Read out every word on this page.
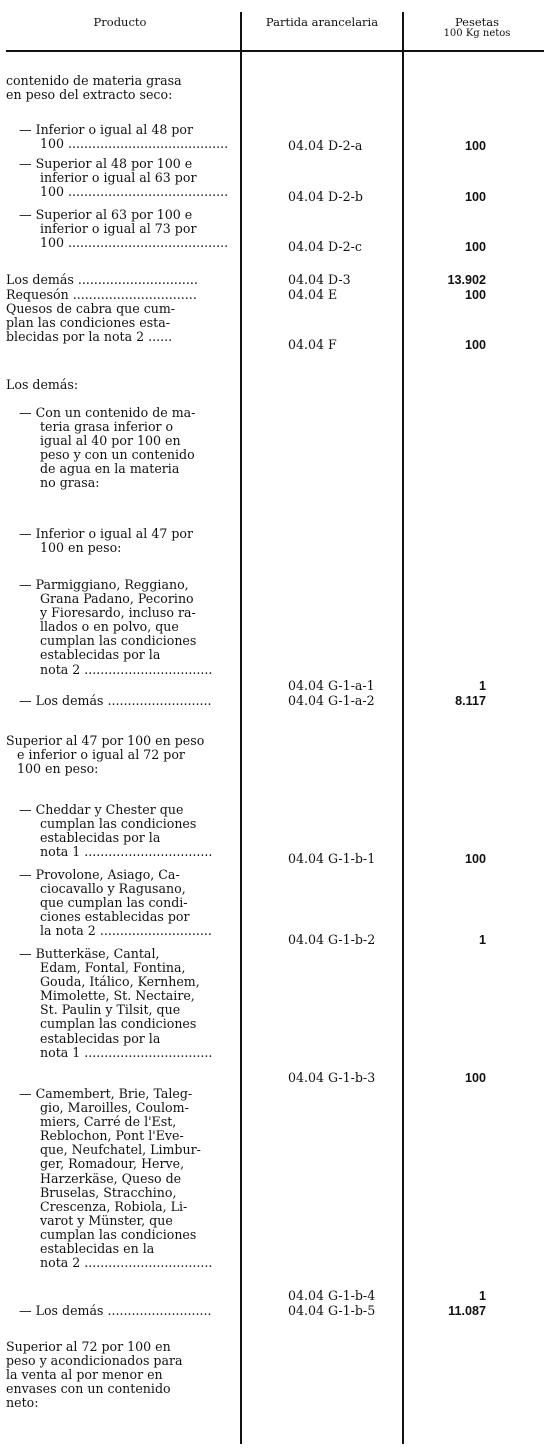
Producto	Partida arancelaria	Pesetas
100 Kg netos
contenido de materia grasa
en peso del extracto seco:
— Inferior o igual al 48 por
100 ........................................	04.04 D-2-a	100
— Superior al 48 por 100 e
inferior o igual al 63 por
100 ........................................	04.04 D-2-b	100
— Superior al 63 por 100 e
inferior o igual al 73 por
100 ........................................	04.04 D-2-c	100
Los demás ..............................	04.04 D-3	13.902
Requesón ...............................	04.04 E	100
Quesos de cabra que cum-
plan las condiciones esta-
blecidas por la nota 2 ......
04.04 F	100
Los demás:
— Con un contenido de ma-
teria grasa inferior o
igual al 40 por 100 en
peso y con un contenido
de agua en la materia
no grasa:
— Inferior o igual al 47 por
100 en peso:
— Parmiggiano, Reggiano,
Grana Padano, Pecorino
y Fioresardo, incluso ra-
llados o en polvo, que
cumplan las condiciones
establecidas por la
nota 2 ................................
04.04 G-1-a-1	1
— Los demás ..........................	04.04 G-1-a-2	8.117
Superior al 47 por 100 en peso
e inferior o igual al 72 por
100 en peso:
— Cheddar y Chester que
cumplan las condiciones
establecidas por la
nota 1 ................................	04.04 G-1-b-1	100
— Provolone, Asiago, Ca-
ciocavallo y Ragusano,
que cumplan las condi-
ciones establecidas por
la nota 2 ............................
04.04 G-1-b-2	1
— Butterkäse, Cantal,
Edam, Fontal, Fontina,
Gouda, Itálico, Kernhem,
Mimolette, St. Nectaire,
St. Paulin y Tilsit, que
cumplan las condiciones
establecidas por la
nota 1 ................................
04.04 G-1-b-3	100
— Camembert, Brie, Taleg-
gio, Maroilles, Coulom-
miers, Carré de l'Est,
Reblochon, Pont l'Eve-
que, Neufchatel, Limbur-
ger, Romadour, Herve,
Harzerkäse, Queso de
Bruselas, Stracchino,
Crescenza, Robiola, Li-
varot y Münster, que
cumplan las condiciones
establecidas en la
nota 2 ................................
04.04 G-1-b-4	1
— Los demás ..........................	04.04 G-1-b-5	11.087
Superior al 72 por 100 en
peso y acondicionados para
la venta al por menor en
envases con un contenido
neto:
